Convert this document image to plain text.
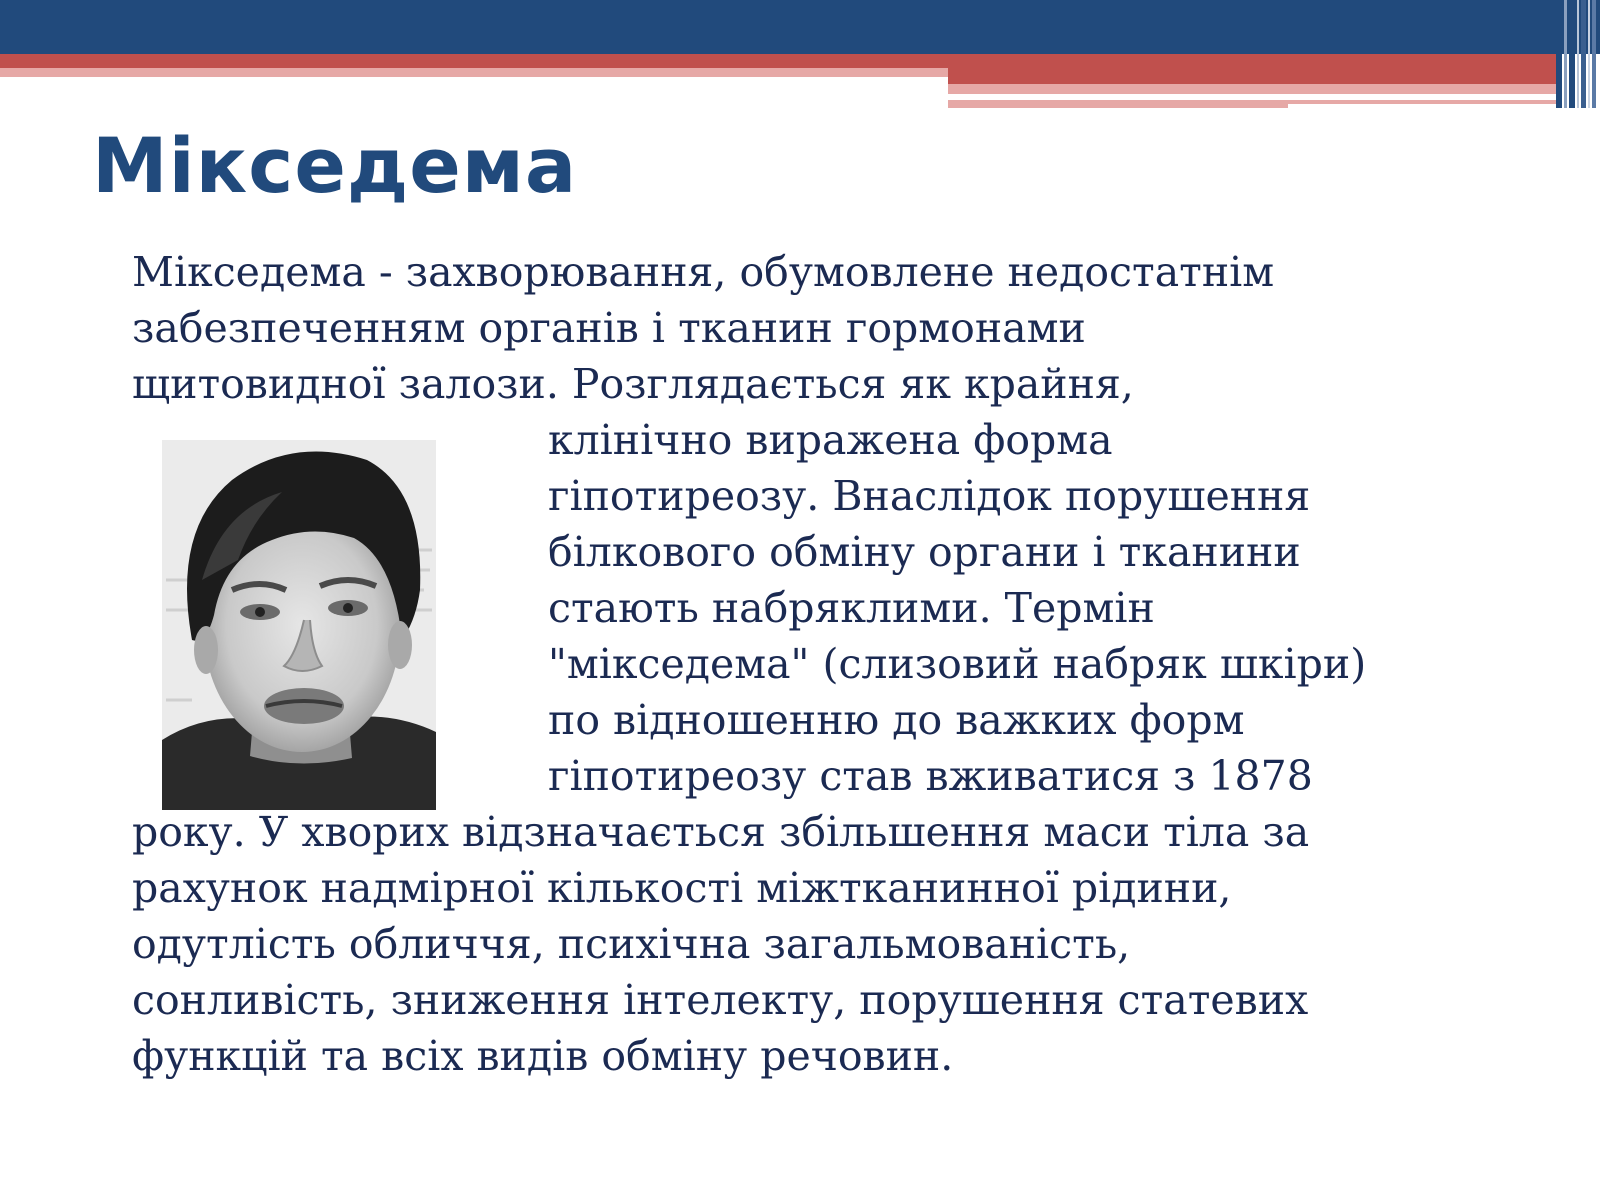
Мікседема

Мікседема - захворювання, обумовлене недостатнім

забезпеченням органів і тканин гормонами

щитовидної залози. Розглядається як крайня,

клінічно виражена форма

гіпотиреозу. Внаслідок порушення

білкового обміну органи і тканини

стають набряклими. Термін

"мікседема" (слизовий набряк шкіри)

по відношенню до важких форм

гіпотиреозу став вживатися з 1878

року. У хворих відзначається збільшення маси тіла за

рахунок надмірної кількості міжтканинної рідини,

одутлість обличчя, психічна загальмованість,

сонливість, зниження інтелекту, порушення статевих

функцій та всіх видів обміну речовин.
